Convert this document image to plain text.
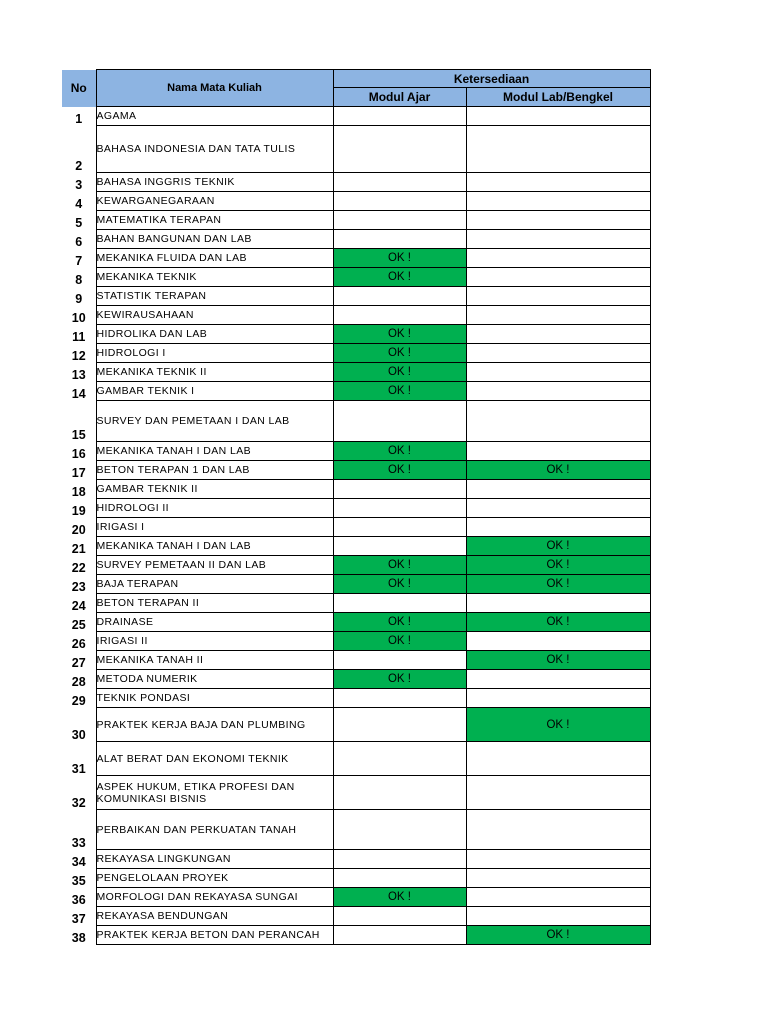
No	Nama Mata Kuliah	Ketersediaan	
		Modul Ajar	Modul Lab/Bengkel
1	AGAMA		
2	BAHASA INDONESIA DAN TATA TULIS		
3	BAHASA INGGRIS TEKNIK		
4	KEWARGANEGARAAN		
5	MATEMATIKA TERAPAN		
6	BAHAN BANGUNAN DAN LAB		
7	MEKANIKA FLUIDA DAN LAB	OK !	
8	MEKANIKA TEKNIK	OK !	
9	STATISTIK TERAPAN		
10	KEWIRAUSAHAAN		
11	HIDROLIKA DAN LAB	OK !	
12	HIDROLOGI I	OK !	
13	MEKANIKA TEKNIK II	OK !	
14	GAMBAR TEKNIK I	OK !	
15	SURVEY DAN PEMETAAN I DAN LAB		
16	MEKANIKA TANAH I DAN LAB	OK !	
17	BETON TERAPAN 1 DAN LAB	OK !	OK !
18	GAMBAR TEKNIK II		
19	HIDROLOGI II		
20	IRIGASI I		
21	MEKANIKA TANAH I DAN LAB		OK !
22	SURVEY PEMETAAN II DAN LAB	OK !	OK !
23	BAJA TERAPAN	OK !	OK !
24	BETON TERAPAN II		
25	DRAINASE	OK !	OK !
26	IRIGASI II	OK !	
27	MEKANIKA TANAH II		OK !
28	METODA NUMERIK	OK !	
29	TEKNIK PONDASI		
30	PRAKTEK KERJA BAJA DAN PLUMBING		OK !
31	ALAT BERAT DAN EKONOMI TEKNIK		
32	ASPEK HUKUM, ETIKA PROFESI DAN KOMUNIKASI BISNIS		
33	PERBAIKAN DAN PERKUATAN TANAH		
34	REKAYASA LINGKUNGAN		
35	PENGELOLAAN PROYEK		
36	MORFOLOGI DAN REKAYASA SUNGAI	OK !	
37	REKAYASA BENDUNGAN		
38	PRAKTEK KERJA BETON DAN PERANCAH		OK !
